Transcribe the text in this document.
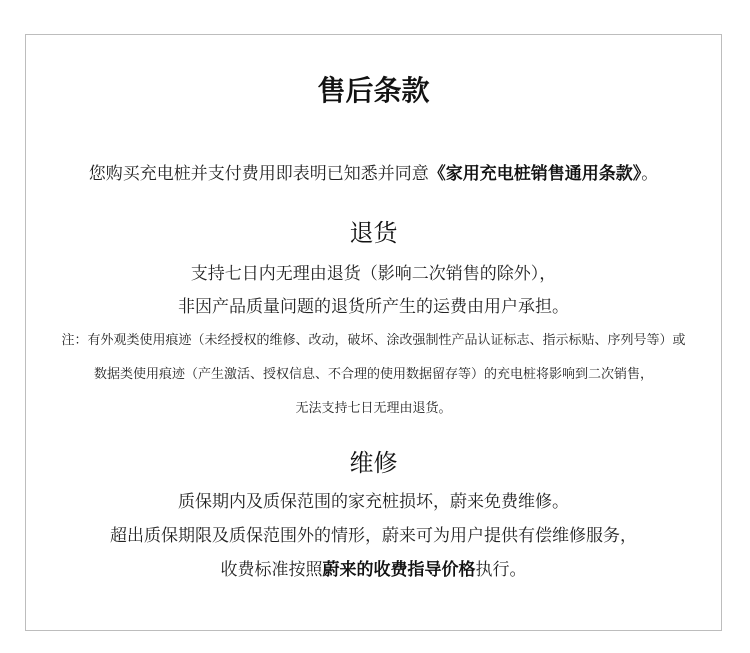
售后条款
您购买充电桩并支付费用即表明已知悉并同意《家用充电桩销售通用条款》。
退货
支持七日内无理由退货（影响二次销售的除外），
非因产品质量问题的退货所产生的运费由用户承担。
注：有外观类使用痕迹（未经授权的维修、改动，破坏、涂改强制性产品认证标志、指示标贴、序列号等）或
数据类使用痕迹（产生激活、授权信息、不合理的使用数据留存等）的充电桩将影响到二次销售，
无法支持七日无理由退货。
维修
质保期内及质保范围的家充桩损坏，蔚来免费维修。
超出质保期限及质保范围外的情形，蔚来可为用户提供有偿维修服务，
收费标准按照蔚来的收费指导价格执行。
